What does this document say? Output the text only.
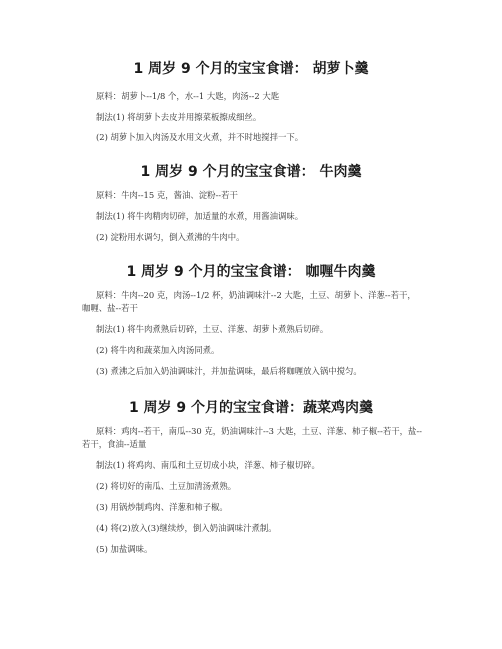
1 周岁 9 个月的宝宝食谱： 胡萝卜羹

原料：胡萝卜--1/8 个，水--1 大匙，肉汤--2 大匙

制法(1) 将胡萝卜去皮并用擦菜板擦成细丝。

(2) 胡萝卜加入肉汤及水用文火煮，并不时地搅拌一下。

1 周岁 9 个月的宝宝食谱： 牛肉羹

原料：牛肉--15 克，酱油、淀粉--若干

制法(1) 将牛肉精肉切碎，加适量的水煮，用酱油调味。

(2) 淀粉用水调匀，倒入煮沸的牛肉中。

1 周岁 9 个月的宝宝食谱： 咖喱牛肉羹

原料：牛肉--20 克，肉汤--1/2 杯，奶油调味汁--2 大匙，土豆、胡萝卜、洋葱--若干，咖喱、盐--若干

制法(1) 将牛肉煮熟后切碎，土豆、洋葱、胡萝卜煮熟后切碎。

(2) 将牛肉和蔬菜加入肉汤同煮。

(3) 煮沸之后加入奶油调味汁，并加盐调味，最后将咖喱放入锅中搅匀。

1 周岁 9 个月的宝宝食谱：蔬菜鸡肉羹

原料：鸡肉--若干，南瓜--30 克，奶油调味汁--3 大匙，土豆、洋葱、柿子椒--若干，盐--若干，食油--适量

制法(1) 将鸡肉、南瓜和土豆切成小块，洋葱、柿子椒切碎。

(2) 将切好的南瓜、土豆加清汤煮熟。

(3) 用锅炒制鸡肉、洋葱和柿子椒。

(4) 将(2)放入(3)继续炒，倒入奶油调味汁煮制。

(5) 加盐调味。
